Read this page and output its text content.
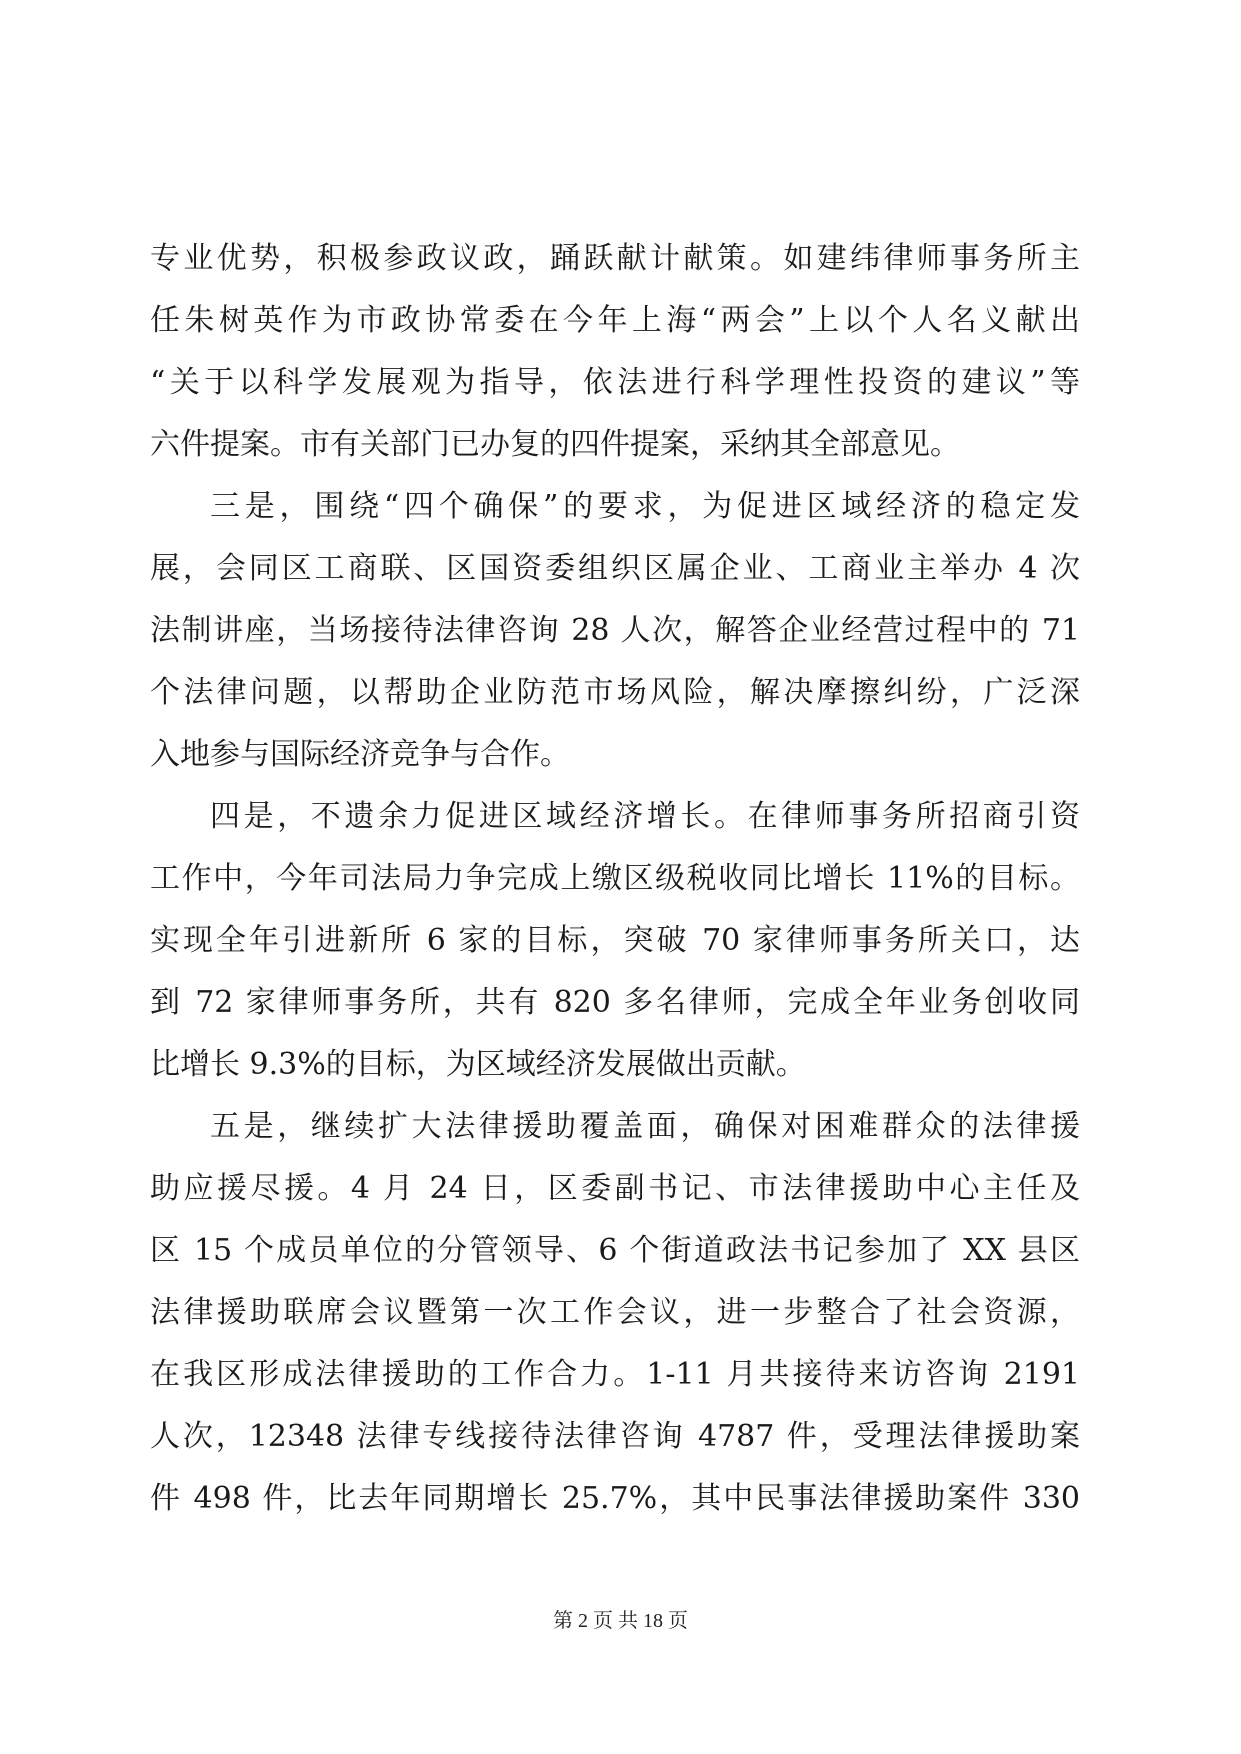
专业优势，积极参政议政，踊跃献计献策。如建纬律师事务所主
任朱树英作为市政协常委在今年上海“两会”上以个人名义献出
“关于以科学发展观为指导，依法进行科学理性投资的建议”等
六件提案。市有关部门已办复的四件提案，采纳其全部意见。
三是，围绕“四个确保”的要求，为促进区域经济的稳定发
展，会同区工商联、区国资委组织区属企业、工商业主举办 4 次
法制讲座，当场接待法律咨询 28 人次，解答企业经营过程中的 71
个法律问题，以帮助企业防范市场风险，解决摩擦纠纷，广泛深
入地参与国际经济竞争与合作。
四是，不遗余力促进区域经济增长。在律师事务所招商引资
工作中，今年司法局力争完成上缴区级税收同比增长 11%的目标。
实现全年引进新所 6 家的目标，突破 70 家律师事务所关口，达
到 72 家律师事务所，共有 820 多名律师，完成全年业务创收同
比增长 9.3%的目标，为区域经济发展做出贡献。
五是，继续扩大法律援助覆盖面，确保对困难群众的法律援
助应援尽援。4 月 24 日，区委副书记、市法律援助中心主任及
区 15 个成员单位的分管领导、6 个街道政法书记参加了 XX 县区
法律援助联席会议暨第一次工作会议，进一步整合了社会资源，
在我区形成法律援助的工作合力。1-11 月共接待来访咨询 2191
人次，12348 法律专线接待法律咨询 4787 件，受理法律援助案
件 498 件，比去年同期增长 25.7%，其中民事法律援助案件 330
第 2 页 共 18 页
